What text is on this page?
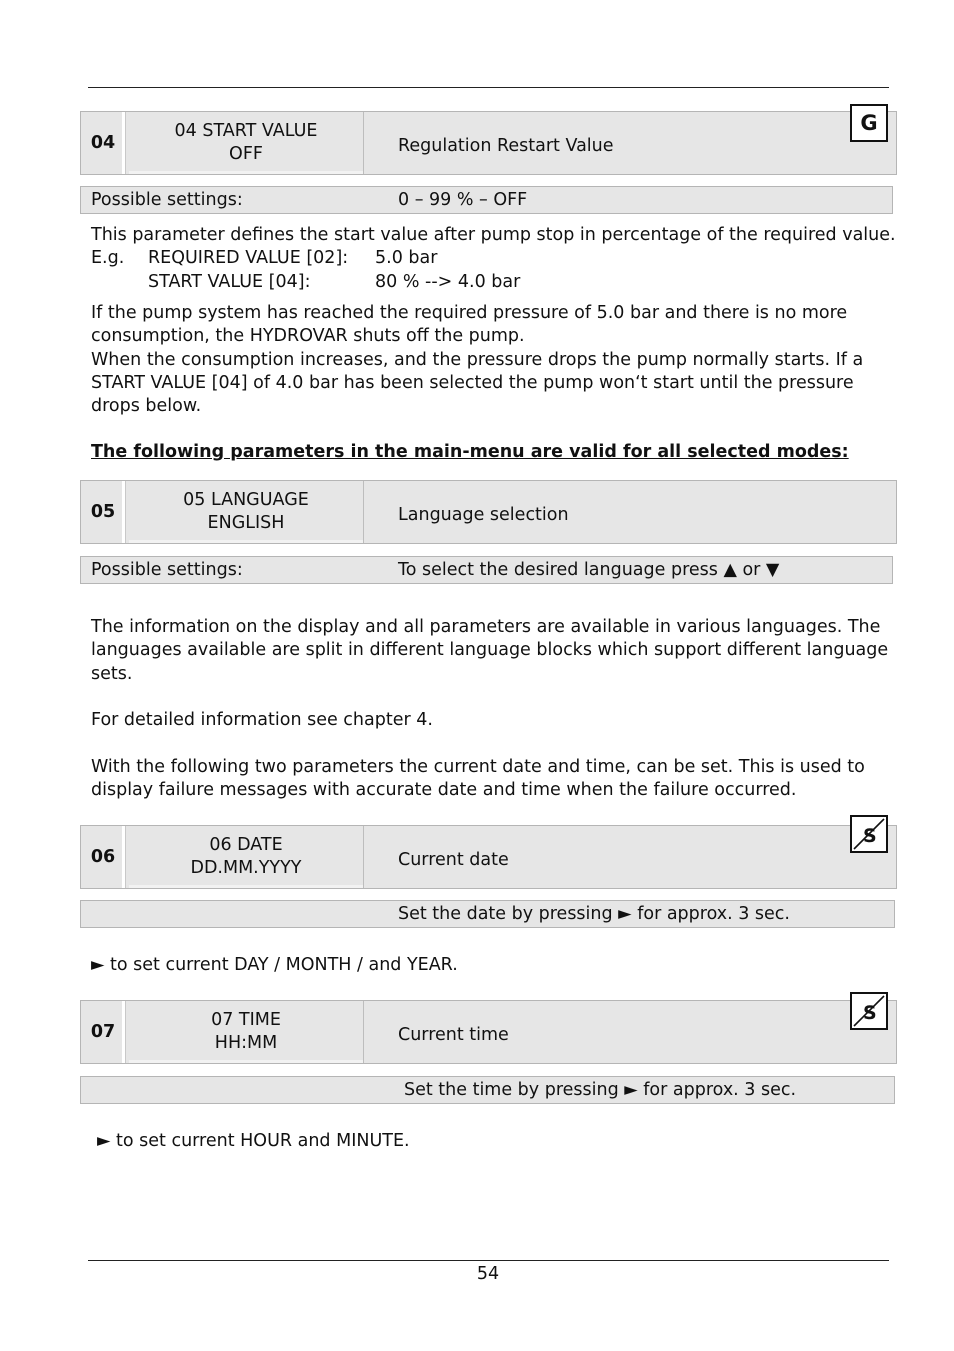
04
04 START VALUE
OFF	Regulation Restart Value
G
Possible settings:	0 – 99 % – OFF
This parameter defines the start value after pump stop in percentage of the required value.
E.g. REQUIRED VALUE [02]: 5.0 bar
START VALUE [04]:	80 % --> 4.0 bar
If the pump system has reached the required pressure of 5.0 bar and there is no more
consumption, the HYDROVAR shuts off the pump.
When the consumption increases, and the pressure drops the pump normally starts. If a
START VALUE [04] of 4.0 bar has been selected the pump won‘t start until the pressure
drops below.
The following parameters in the main-menu are valid for all selected modes:
05
05 LANGUAGE
ENGLISH	Language selection
Possible settings:	To select the desired language press ▲ or ▼
The information on the display and all parameters are available in various languages. The
languages available are split in different language blocks which support different language
sets.
For detailed information see chapter 4.
With the following two parameters the current date and time, can be set. This is used to
display failure messages with accurate date and time when the failure occurred.
06
06 DATE
DD.MM.YYYY	Current date
S
Set the date by pressing ► for approx. 3 sec.
► to set current DAY / MONTH / and YEAR.
07
07 TIME
HH:MM	Current time
S
Set the time by pressing ► for approx. 3 sec.
► to set current HOUR and MINUTE.
54
